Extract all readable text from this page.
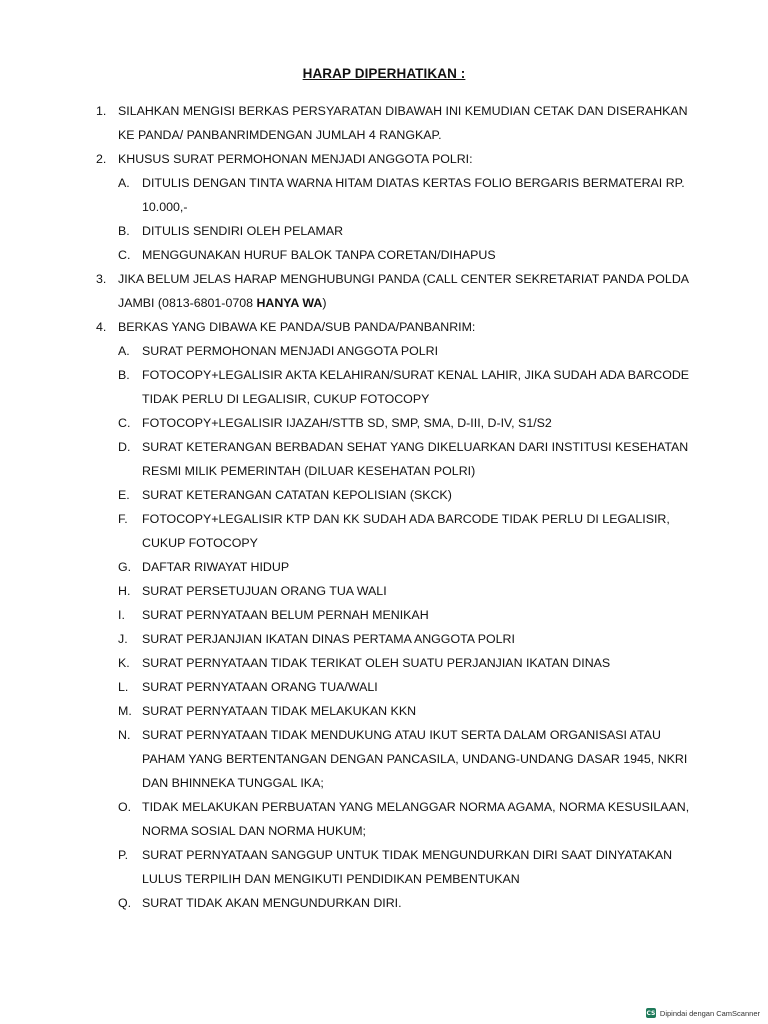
HARAP DIPERHATIKAN :
1. SILAHKAN MENGISI BERKAS PERSYARATAN DIBAWAH INI KEMUDIAN CETAK DAN DISERAHKAN KE PANDA/ PANBANRIMDENGAN JUMLAH 4 RANGKAP.
2. KHUSUS SURAT PERMOHONAN MENJADI ANGGOTA POLRI:
A. DITULIS DENGAN TINTA WARNA HITAM DIATAS KERTAS FOLIO BERGARIS BERMATERAI RP. 10.000,-
B. DITULIS SENDIRI OLEH PELAMAR
C. MENGGUNAKAN HURUF BALOK TANPA CORETAN/DIHAPUS
3. JIKA BELUM JELAS HARAP MENGHUBUNGI PANDA (CALL CENTER SEKRETARIAT PANDA POLDA JAMBI (0813-6801-0708 HANYA WA)
4. BERKAS YANG DIBAWA KE PANDA/SUB PANDA/PANBANRIM:
A. SURAT PERMOHONAN MENJADI ANGGOTA POLRI
B. FOTOCOPY+LEGALISIR AKTA KELAHIRAN/SURAT KENAL LAHIR, JIKA SUDAH ADA BARCODE TIDAK PERLU DI LEGALISIR, CUKUP FOTOCOPY
C. FOTOCOPY+LEGALISIR IJAZAH/STTB SD, SMP, SMA, D-III, D-IV, S1/S2
D. SURAT KETERANGAN BERBADAN SEHAT YANG DIKELUARKAN DARI INSTITUSI KESEHATAN RESMI MILIK PEMERINTAH (DILUAR KESEHATAN POLRI)
E. SURAT KETERANGAN CATATAN KEPOLISIAN (SKCK)
F.	FOTOCOPY+LEGALISIR KTP DAN KK SUDAH ADA BARCODE TIDAK PERLU DI LEGALISIR, CUKUP FOTOCOPY
G. DAFTAR RIWAYAT HIDUP
H. SURAT PERSETUJUAN ORANG TUA WALI
I.	SURAT PERNYATAAN BELUM PERNAH MENIKAH
J.	SURAT PERJANJIAN IKATAN DINAS PERTAMA ANGGOTA POLRI
K. SURAT PERNYATAAN TIDAK TERIKAT OLEH SUATU PERJANJIAN IKATAN DINAS
L.	SURAT PERNYATAAN ORANG TUA/WALI
M. SURAT PERNYATAAN TIDAK MELAKUKAN KKN
N. SURAT PERNYATAAN TIDAK MENDUKUNG ATAU IKUT SERTA DALAM ORGANISASI ATAU PAHAM YANG BERTENTANGAN DENGAN PANCASILA, UNDANG-UNDANG DASAR 1945, NKRI DAN BHINNEKA TUNGGAL IKA;
O. TIDAK MELAKUKAN PERBUATAN YANG MELANGGAR NORMA AGAMA, NORMA KESUSILAAN, NORMA SOSIAL DAN NORMA HUKUM;
P.	SURAT PERNYATAAN SANGGUP UNTUK TIDAK MENGUNDURKAN DIRI SAAT DINYATAKAN LULUS TERPILIH DAN MENGIKUTI PENDIDIKAN PEMBENTUKAN
Q. SURAT TIDAK AKAN MENGUNDURKAN DIRI.
CS Dipindai dengan CamScanner
